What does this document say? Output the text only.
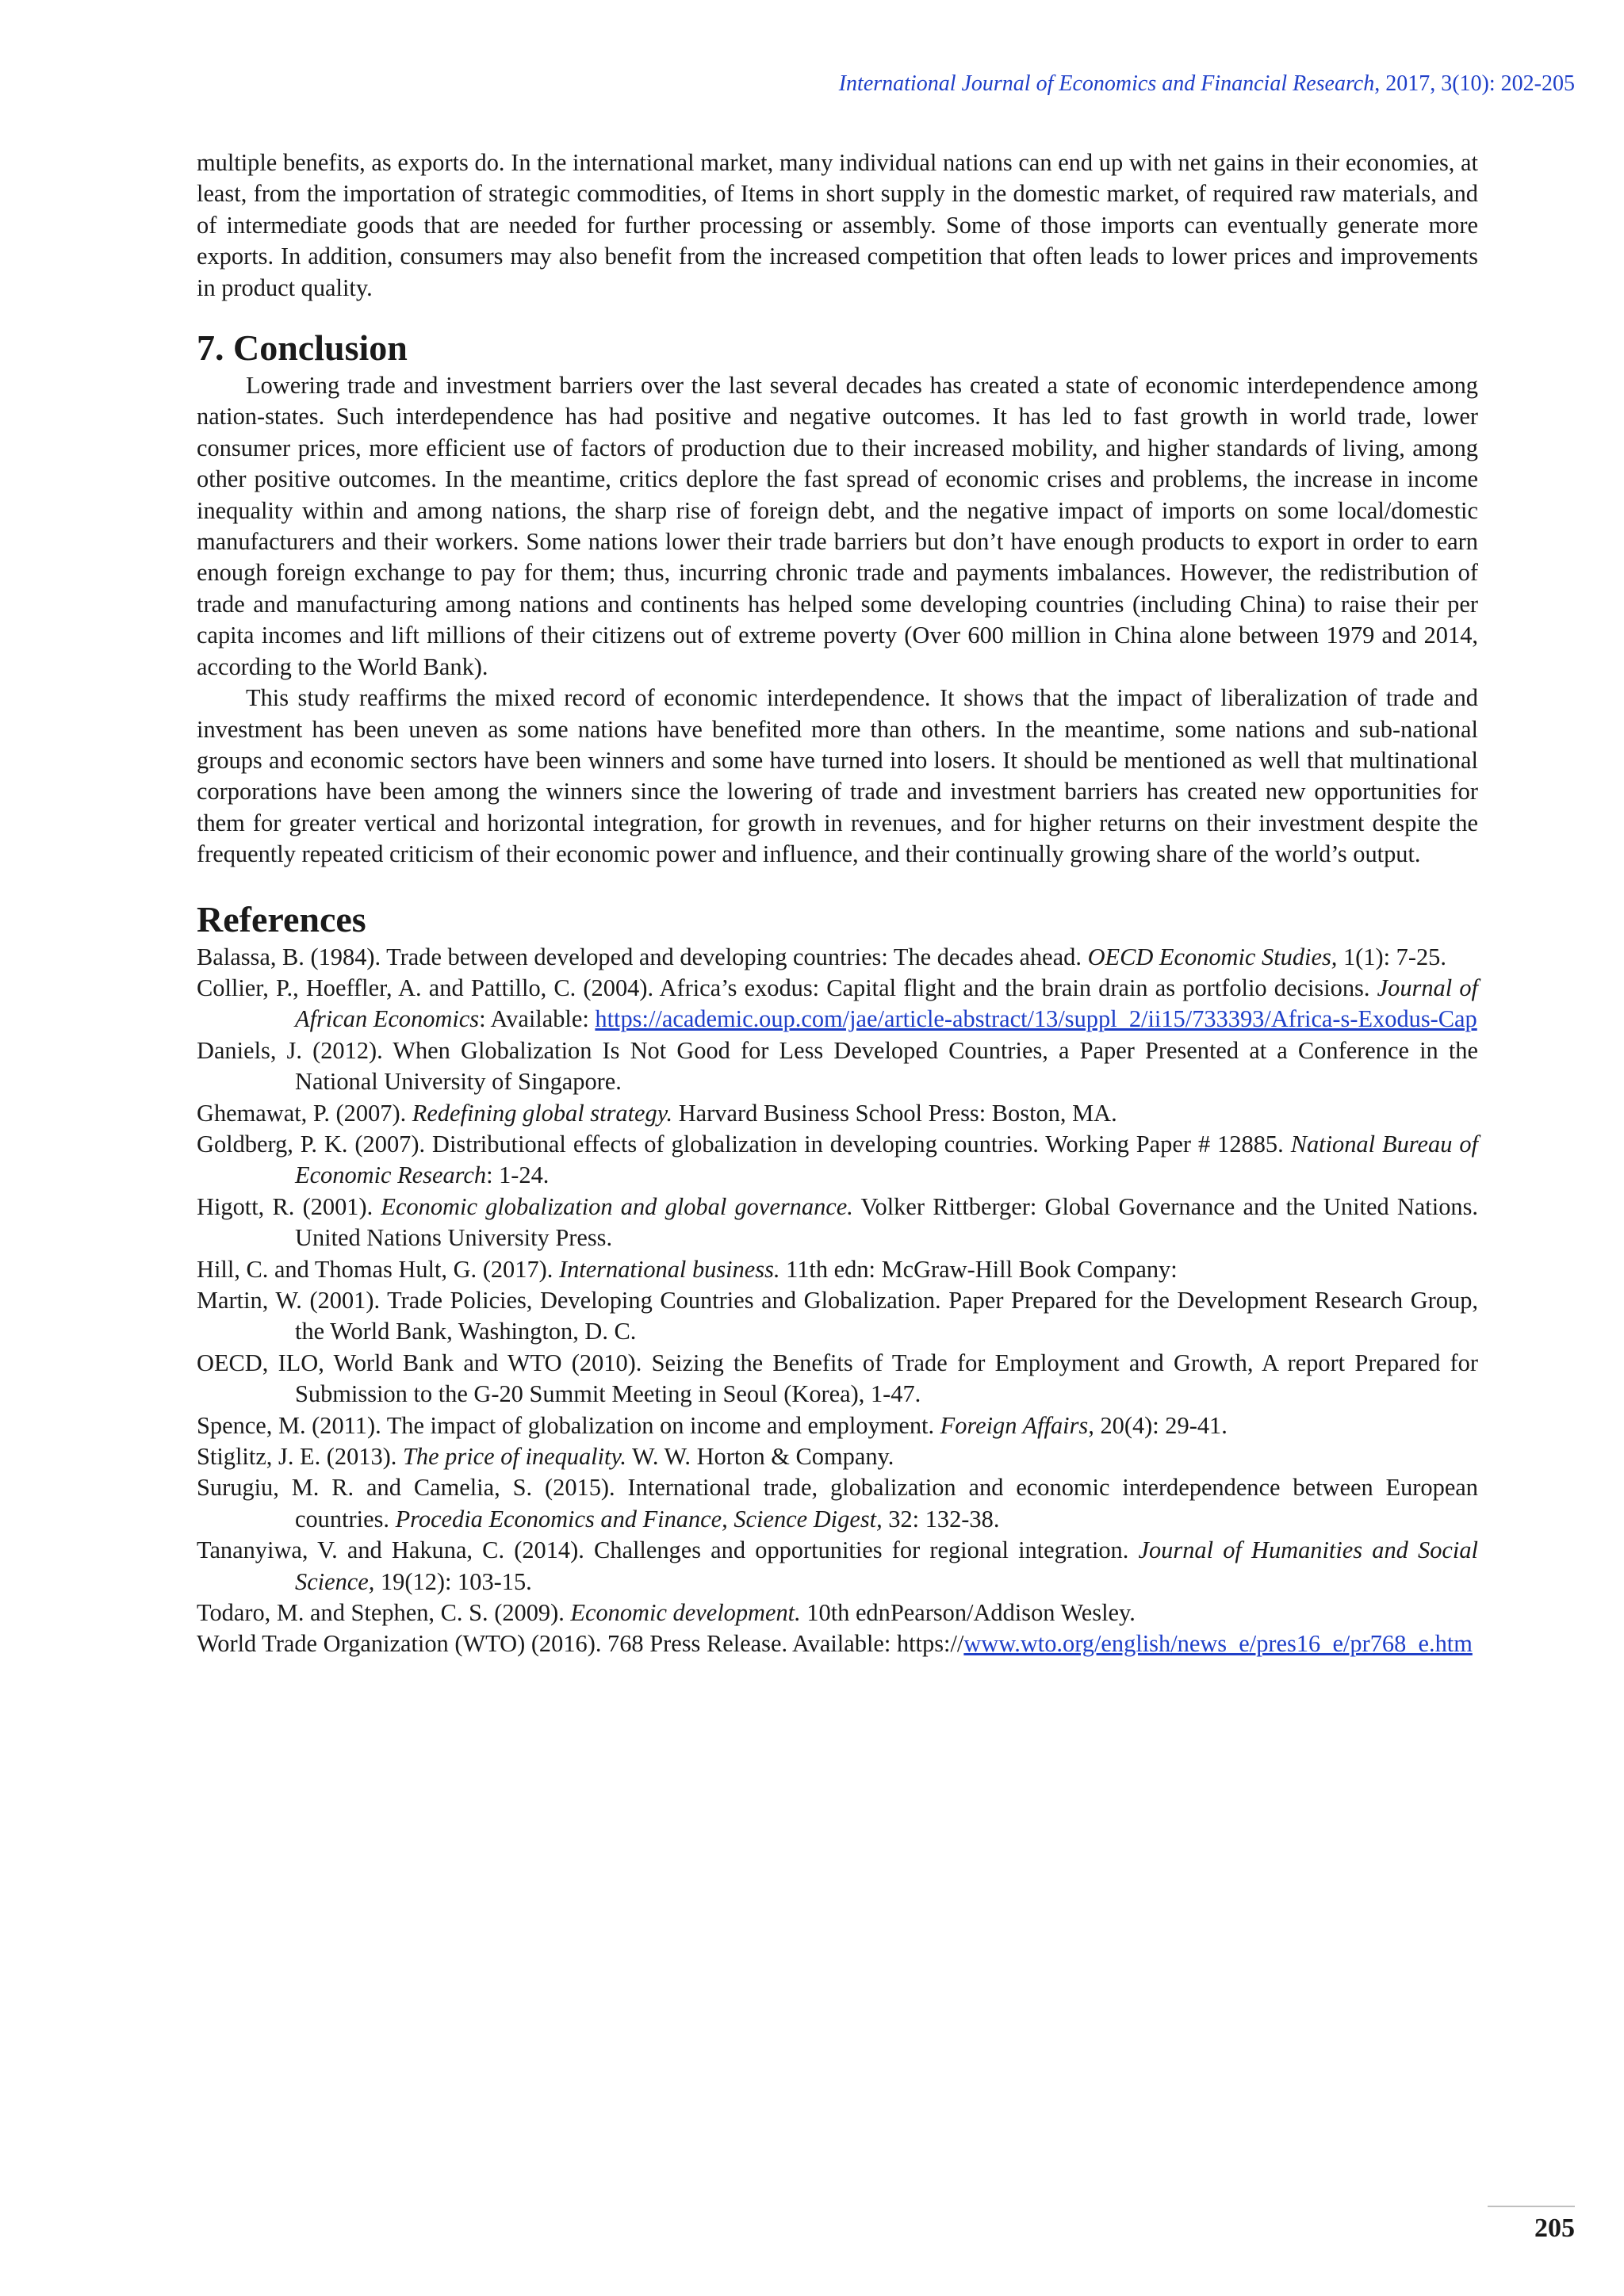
International Journal of Economics and Financial Research, 2017, 3(10): 202-205

multiple benefits, as exports do. In the international market, many individual nations can end up with net gains in their economies, at least, from the importation of strategic commodities, of Items in short supply in the domestic market, of required raw materials, and of intermediate goods that are needed for further processing or assembly. Some of those imports can eventually generate more exports. In addition, consumers may also benefit from the increased competition that often leads to lower prices and improvements in product quality.

7. Conclusion

Lowering trade and investment barriers over the last several decades has created a state of economic interdependence among nation-states. Such interdependence has had positive and negative outcomes. It has led to fast growth in world trade, lower consumer prices, more efficient use of factors of production due to their increased mobility, and higher standards of living, among other positive outcomes. In the meantime, critics deplore the fast spread of economic crises and problems, the increase in income inequality within and among nations, the sharp rise of foreign debt, and the negative impact of imports on some local/domestic manufacturers and their workers. Some nations lower their trade barriers but don’t have enough products to export in order to earn enough foreign exchange to pay for them; thus, incurring chronic trade and payments imbalances. However, the redistribution of trade and manufacturing among nations and continents has helped some developing countries (including China) to raise their per capita incomes and lift millions of their citizens out of extreme poverty (Over 600 million in China alone between 1979 and 2014, according to the World Bank).

This study reaffirms the mixed record of economic interdependence. It shows that the impact of liberalization of trade and investment has been uneven as some nations have benefited more than others. In the meantime, some nations and sub-national groups and economic sectors have been winners and some have turned into losers. It should be mentioned as well that multinational corporations have been among the winners since the lowering of trade and investment barriers has created new opportunities for them for greater vertical and horizontal integration, for growth in revenues, and for higher returns on their investment despite the frequently repeated criticism of their economic power and influence, and their continually growing share of the world’s output.

References
Balassa, B. (1984). Trade between developed and developing countries: The decades ahead. OECD Economic Studies, 1(1): 7-25.
Collier, P., Hoeffler, A. and Pattillo, C. (2004). Africa’s exodus: Capital flight and the brain drain as portfolio decisions. Journal of African Economics: Available: https://academic.oup.com/jae/article-abstract/13/suppl_2/ii15/733393/Africa-s-Exodus-Cap
Daniels, J. (2012). When Globalization Is Not Good for Less Developed Countries, a Paper Presented at a Conference in the National University of Singapore.
Ghemawat, P. (2007). Redefining global strategy. Harvard Business School Press: Boston, MA.
Goldberg, P. K. (2007). Distributional effects of globalization in developing countries. Working Paper # 12885. National Bureau of Economic Research: 1-24.
Higott, R. (2001). Economic globalization and global governance. Volker Rittberger: Global Governance and the United Nations. United Nations University Press.
Hill, C. and Thomas Hult, G. (2017). International business. 11th edn: McGraw-Hill Book Company:
Martin, W. (2001). Trade Policies, Developing Countries and Globalization. Paper Prepared for the Development Research Group, the World Bank, Washington, D. C.
OECD, ILO, World Bank and WTO (2010). Seizing the Benefits of Trade for Employment and Growth, A report Prepared for Submission to the G-20 Summit Meeting in Seoul (Korea), 1-47.
Spence, M. (2011). The impact of globalization on income and employment. Foreign Affairs, 20(4): 29-41.
Stiglitz, J. E. (2013). The price of inequality. W. W. Horton & Company.
Surugiu, M. R. and Camelia, S. (2015). International trade, globalization and economic interdependence between European countries. Procedia Economics and Finance, Science Digest, 32: 132-38.
Tananyiwa, V. and Hakuna, C. (2014). Challenges and opportunities for regional integration. Journal of Humanities and Social Science, 19(12): 103-15.
Todaro, M. and Stephen, C. S. (2009). Economic development. 10th ednPearson/Addison Wesley.
World Trade Organization (WTO) (2016). 768 Press Release. Available: https://www.wto.org/english/news_e/pres16_e/pr768_e.htm
205
